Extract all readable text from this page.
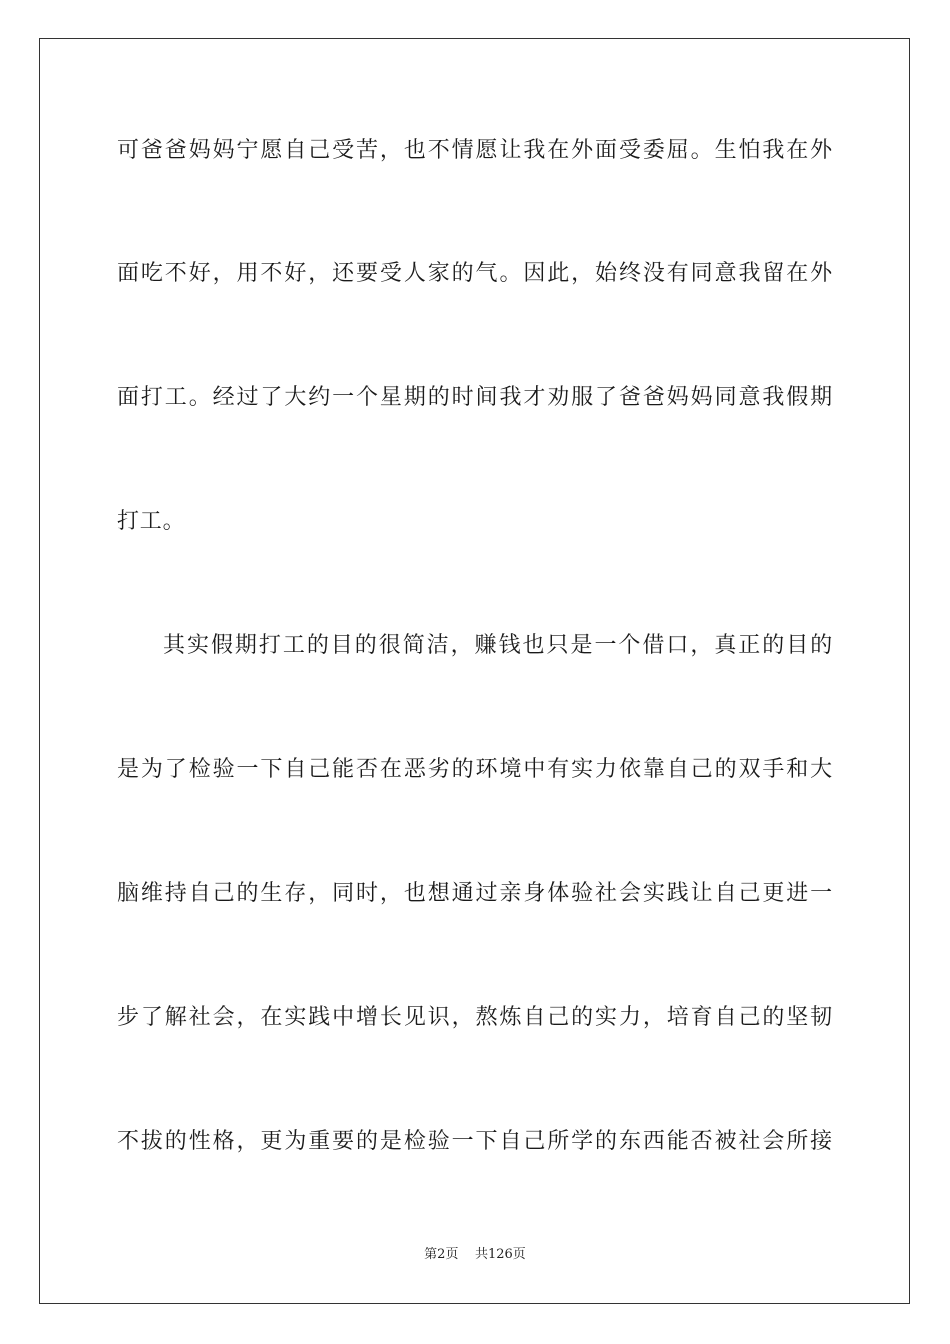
可爸爸妈妈宁愿自己受苦，也不情愿让我在外面受委屈。生怕我在外
面吃不好，用不好，还要受人家的气。因此，始终没有同意我留在外
面打工。经过了大约一个星期的时间我才劝服了爸爸妈妈同意我假期
打工。
其实假期打工的目的很简洁，赚钱也只是一个借口，真正的目的
是为了检验一下自己能否在恶劣的环境中有实力依靠自己的双手和大
脑维持自己的生存，同时，也想通过亲身体验社会实践让自己更进一
步了解社会，在实践中增长见识，熬炼自己的实力，培育自己的坚韧
不拔的性格，更为重要的是检验一下自己所学的东西能否被社会所接
第2页 共126页
